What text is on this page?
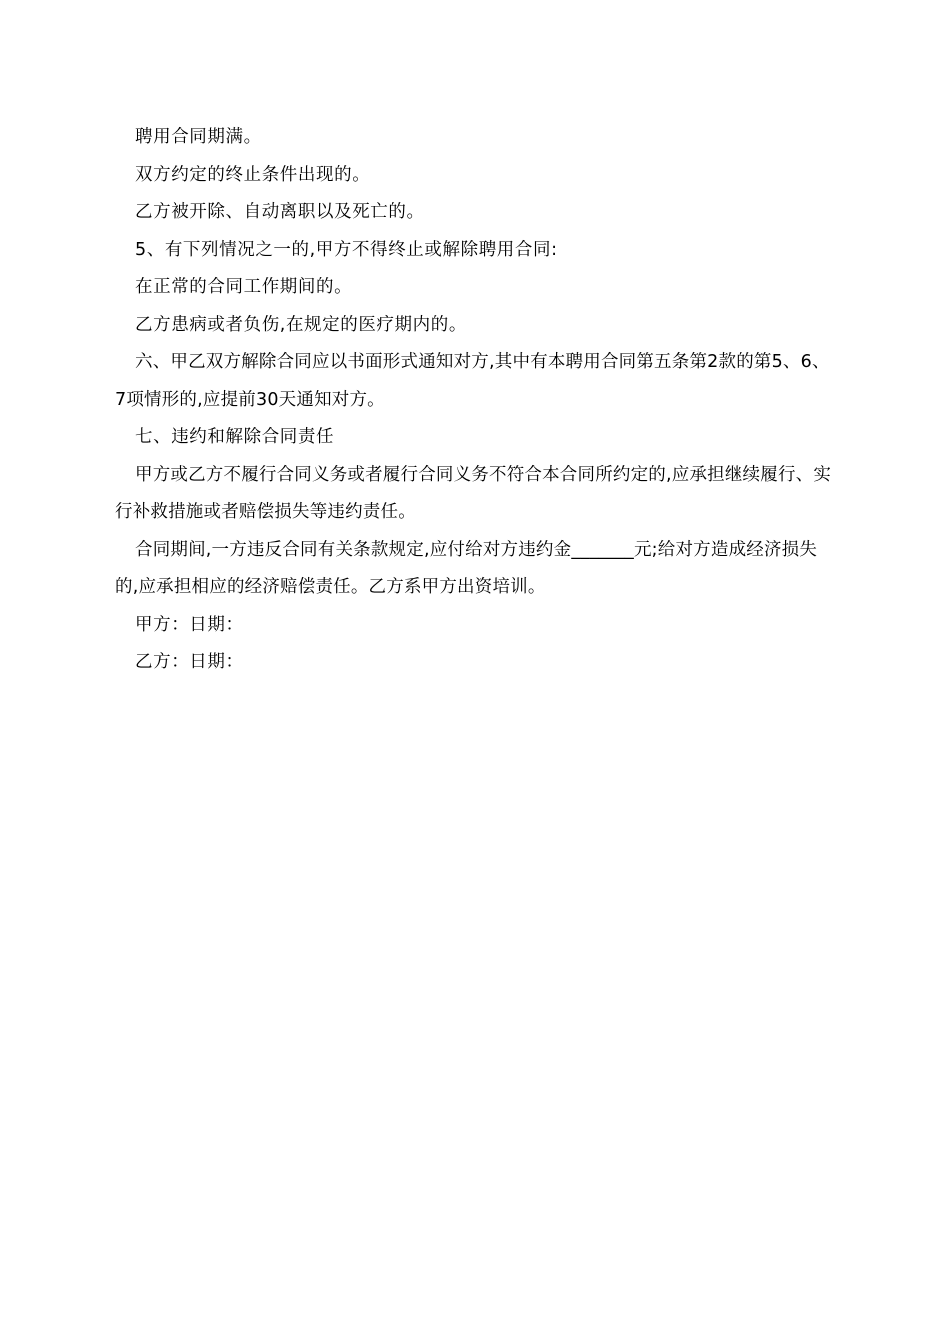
聘用合同期满。

双方约定的终止条件出现的。

乙方被开除、自动离职以及死亡的。

5、有下列情况之一的,甲方不得终止或解除聘用合同:

在正常的合同工作期间的。

乙方患病或者负伤,在规定的医疗期内的。

六、甲乙双方解除合同应以书面形式通知对方,其中有本聘用合同第五条第2款的第5、6、7项情形的,应提前30天通知对方。

七、违约和解除合同责任

甲方或乙方不履行合同义务或者履行合同义务不符合本合同所约定的,应承担继续履行、实行补救措施或者赔偿损失等违约责任。

合同期间,一方违反合同有关条款规定,应付给对方违约金_______元;给对方造成经济损失的,应承担相应的经济赔偿责任。乙方系甲方出资培训。

甲方：日期：

乙方：日期：
